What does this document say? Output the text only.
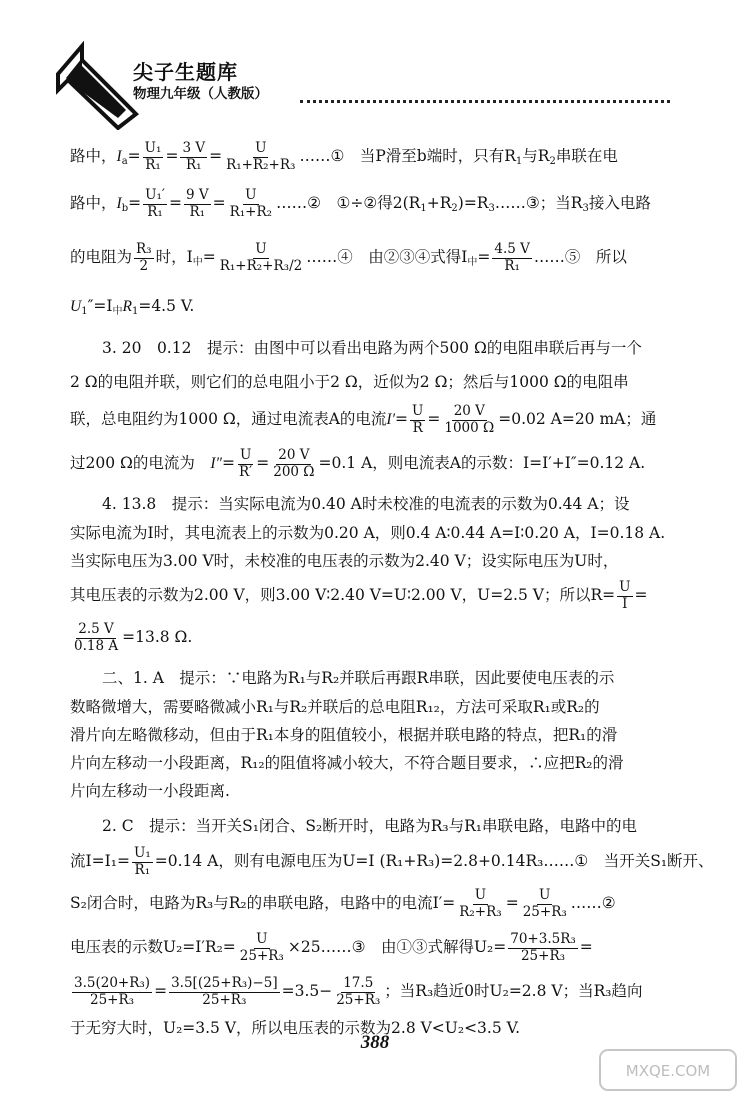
尖子生题库
物理九年级（人教版）
路中，$I_a= \frac{\text{U₁}}{\text{R₁}} = \frac{3 V}{\text{R₁}} = \frac{U}{\text{R₁+R₂+R₃}}$ ……①　 当P滑至b端时，只有$R_1$与$R_2$串联在电
路中，$I_b= \frac{\text{U₁′}}{\text{R₁}} = \frac{9 V}{\text{R₁}} = \frac{U}{\text{R₁+R₂}}$ ……②　 ①÷②得$2(R_1+R_2)=R_3\dots\dots ③$；当$R_3$接入电路
的电阻为 $\frac{\text{R₃}}{2}$ 时，$I_中= \frac{U}{\text{R₁+R₂+R₃/2}}$ ……④　 由②③④式得$I_中= \frac{4.5 V}{\text{R₁}}$ ……⑤　所以
$U_1''=I_中R_1=4.5$ V.
3. 20　0.12　提示：由图中可以看出电路为两个500 Ω的电阻串联后再与一个
2 Ω的电阻并联，则它们的总电阻小于2 Ω，近似为2 Ω；然后与1000 Ω的电阻串
联，总电阻约为1000 Ω，通过电流表A的电流$I'= \frac{U}{R} = \frac{20 V}{1000 \Omega} =0.02$ A=20 mA；通
过200 Ω的电流为　 $I''= \frac{U}{R'} = \frac{20 V}{200 \Omega} =0.1$ A，则电流表A的示数：I=I′+I″=0.12 A.
4. 13.8　提示：当实际电流为0.40 A时未校准的电流表的示数为0.44 A；设
实际电流为I时，其电流表上的示数为0.20 A，则0.4 A∶0.44 A=I∶0.20 A，I=0.18 A.
当实际电压为3.00 V时，未校准的电压表的示数为2.40 V；设实际电压为U时，
其电压表的示数为2.00 V，则3.00 V∶2.40 V=U∶2.00 V，U=2.5 V；所以$R= \frac{U}{I}$ =
$\frac{2.5 V}{0.18 A} =13.8$ Ω.
二、1. A　提示：∵电路为R₁与R₂并联后再跟R串联，因此要使电压表的示
数略微增大，需要略微减小R₁与R₂并联后的总电阻R₁₂，方法可采取R₁或R₂的
滑片向左略微移动，但由于R₁本身的阻值较小，根据并联电路的特点，把R₁的滑
片向左移动一小段距离，R₁₂的阻值将减小较大，不符合题目要求，∴应把R₂的滑
片向左移动一小段距离.
2. C　提示：当开关S₁闭合、S₂断开时，电路为R₃与R₁串联电路，电路中的电
流$I=I_1= \frac{\text{U₁}}{\text{R₁}} =0.14$ A，则有电源电压为U=I (R₁+R₃)=2.8+0.14R₃……①　当开关S₁断开、
S₂闭合时，电路为R₃与R₂的串联电路，电路中的电流$I'= \frac{U}{\text{R₂+R₃}} = \frac{U}{\text{25+R₃}}$ ……②
电压表的示数$U_2=I'R_2= \frac{U}{\text{25+R₃}}$ ×25……③　由①③式解得$U_2= \frac{\text{70+3.5R₃}}{\text{25+R₃}}$ =
$\frac{\text{3.5(20+R₃)}}{\text{25+R₃}} = \frac{\text{3.5[(25+R₃)−5]}}{\text{25+R₃}} =3.5- \frac{17.5}{\text{25+R₃}}$ ；当R₃趋近0时U₂=2.8 V；当R₃趋向
于无穷大时，U₂=3.5 V，所以电压表的示数为2.8 V<U₂<3.5 V.
388
MXQE.COM
